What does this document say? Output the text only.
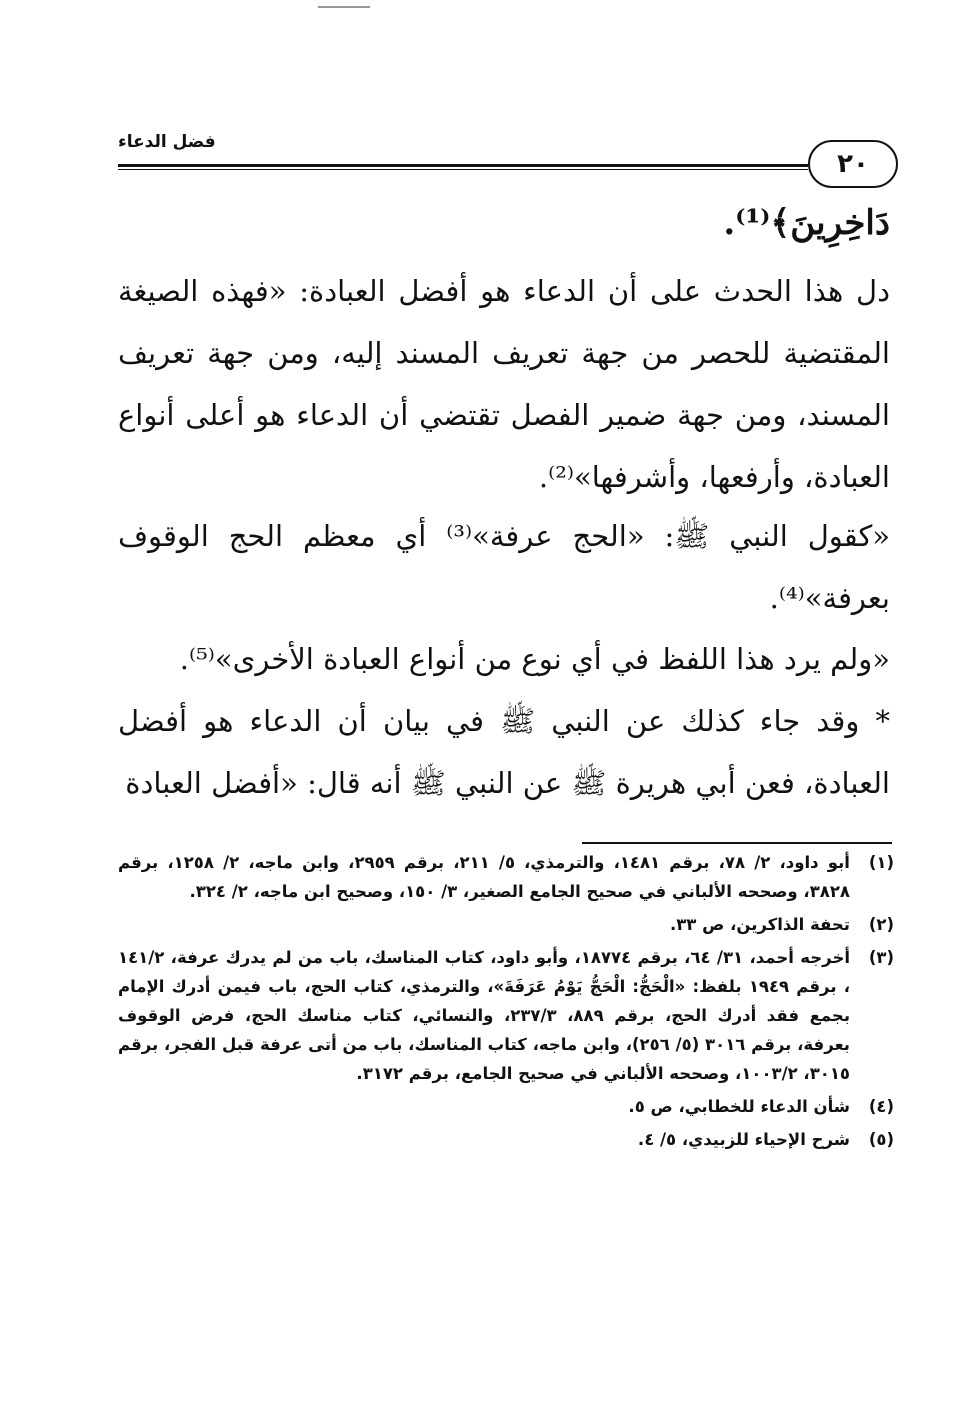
فضل الدعاء
٢٠
دَاخِرِينَ﴾⁽¹⁾.
دل هذا الحدث على أن الدعاء هو أفضل العبادة: «فهذه الصيغة المقتضية للحصر من جهة تعريف المسند إليه، ومن جهة تعريف المسند، ومن جهة ضمير الفصل تقتضي أن الدعاء هو أعلى أنواع العبادة، وأرفعها، وأشرفها»⁽²⁾.
«كقول النبي ﷺ: «الحج عرفة»⁽³⁾ أي معظم الحج الوقوف بعرفة»⁽⁴⁾.
«ولم يرد هذا اللفظ في أي نوع من أنواع العبادة الأخرى»⁽⁵⁾.
* وقد جاء كذلك عن النبي ﷺ في بيان أن الدعاء هو أفضل العبادة، فعن أبي هريرة ﷺ عن النبي ﷺ أنه قال: «أفضل العبادة
(١)
أبو داود، ٢/ ٧٨، برقم ١٤٨١، والترمذي، ٥/ ٢١١، برقم ٢٩٥٩، وابن ماجه، ٢/ ١٢٥٨، برقم ٣٨٢٨، وصححه الألباني في صحيح الجامع الصغير، ٣/ ١٥٠، وصحيح ابن ماجه، ٢/ ٣٢٤.
(٢)
تحفة الذاكرين، ص ٣٣.
(٣)
أخرجه أحمد، ٣١/ ٦٤، برقم ١٨٧٧٤، وأبو داود، كتاب المناسك، باب من لم يدرك عرفة، ١٤١/٢ ، برقم ١٩٤٩ بلفظ: «الْحَجُّ: الْحَجُّ يَوْمُ عَرَفَةَ»، والترمذي، كتاب الحج، باب فيمن أدرك الإمام بجمع فقد أدرك الحج، برقم ٨٨٩، ٢٣٧/٣، والنسائي، كتاب مناسك الحج، فرض الوقوف بعرفة، برقم ٣٠١٦ (٥/ ٢٥٦)، وابن ماجه، كتاب المناسك، باب من أتى عرفة قبل الفجر، برقم ٣٠١٥، ١٠٠٣/٢، وصححه الألباني في صحيح الجامع، برقم ٣١٧٢.
(٤)
شأن الدعاء للخطابي، ص ٥.
(٥)
شرح الإحياء للزبيدي، ٥/ ٤.
